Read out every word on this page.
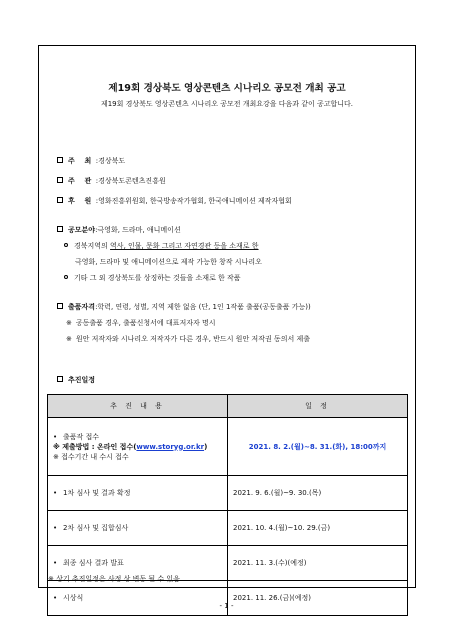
제19회 경상북도 영상콘텐츠 시나리오 공모전 개최 공고
제19회 경상북도 영상콘텐츠 시나리오 공모전 개최요강을 다음과 같이 공고합니다.
주    최  :경상북도
주    관  :경상북도콘텐츠진흥원
후    원  :영화진흥위원회, 한국방송작가협회, 한국애니메이션 제작자협회
공모분야:극영화, 드라마, 애니메이션
경북지역의 역사, 인물, 문화 그리고 자연경관 등을 소재로 한
극영화, 드라마 및 애니메이션으로 제작 가능한 창작 시나리오
기타 그 외 경상북도를 상징하는 것들을 소재로 한 작품
출품자격:학력, 연령, 성별, 지역 제한 없음 (단, 1인 1작품 출품(공동출품 가능))
※ 공동출품 경우, 출품신청서에 대표저자자 명시
※ 원안 저작자와 시나리오 저작자가 다른 경우, 반드시 원안 저작권 동의서 제출
추진일정
추 진 내 용	일 정

• 출품작 접수
※ 제출방법 : 온라인 접수(www.storyg.or.kr)
※ 접수기간 내 수시 접수	2021. 8. 2.(월)~8. 31.(화), 18:00까지
• 1차 심사 및 결과 확정	2021. 9. 6.(월)~9. 30.(목)
• 2차 심사 및 집합심사	2021. 10. 4.(월)~10. 29.(금)
• 최종 심사 결과 발표	2021. 11. 3.(수)(예정)
• 시상식	2021. 11. 26.(금)(예정)
※ 상기 추진일정은 사정 상 변동 될 수 있음
- 1 -
